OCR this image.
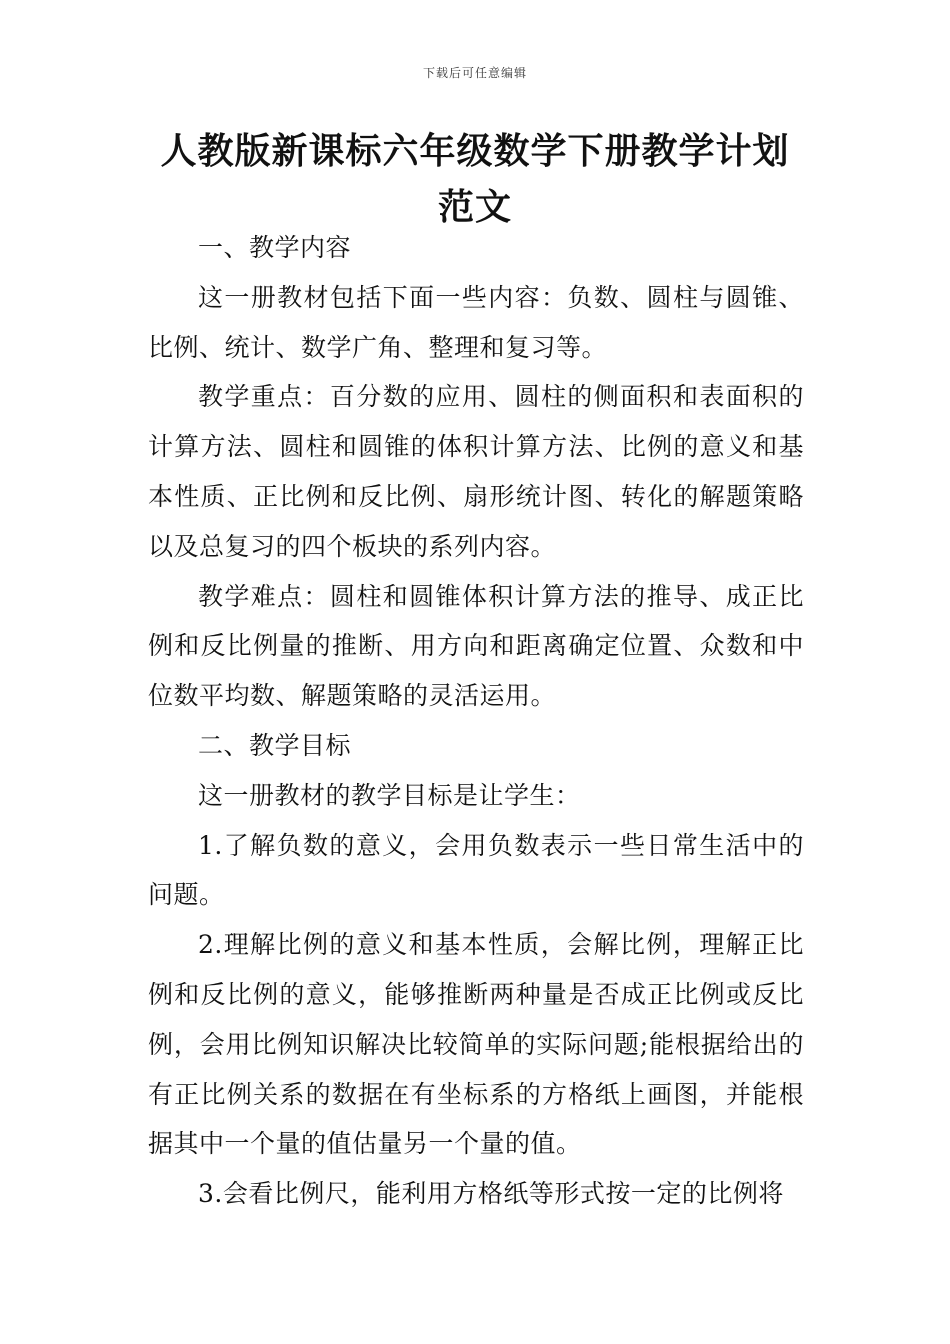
下载后可任意编辑
人教版新课标六年级数学下册教学计划范文

一、教学内容

这一册教材包括下面一些内容：负数、圆柱与圆锥、比例、统计、数学广角、整理和复习等。

教学重点：百分数的应用、圆柱的侧面积和表面积的计算方法、圆柱和圆锥的体积计算方法、比例的意义和基本性质、正比例和反比例、扇形统计图、转化的解题策略以及总复习的四个板块的系列内容。

教学难点：圆柱和圆锥体积计算方法的推导、成正比例和反比例量的推断、用方向和距离确定位置、众数和中位数平均数、解题策略的灵活运用。

二、教学目标

这一册教材的教学目标是让学生：

1.了解负数的意义，会用负数表示一些日常生活中的问题。

2.理解比例的意义和基本性质，会解比例，理解正比例和反比例的意义，能够推断两种量是否成正比例或反比例，会用比例知识解决比较简单的实际问题;能根据给出的有正比例关系的数据在有坐标系的方格纸上画图，并能根据其中一个量的值估量另一个量的值。

3.会看比例尺，能利用方格纸等形式按一定的比例将
